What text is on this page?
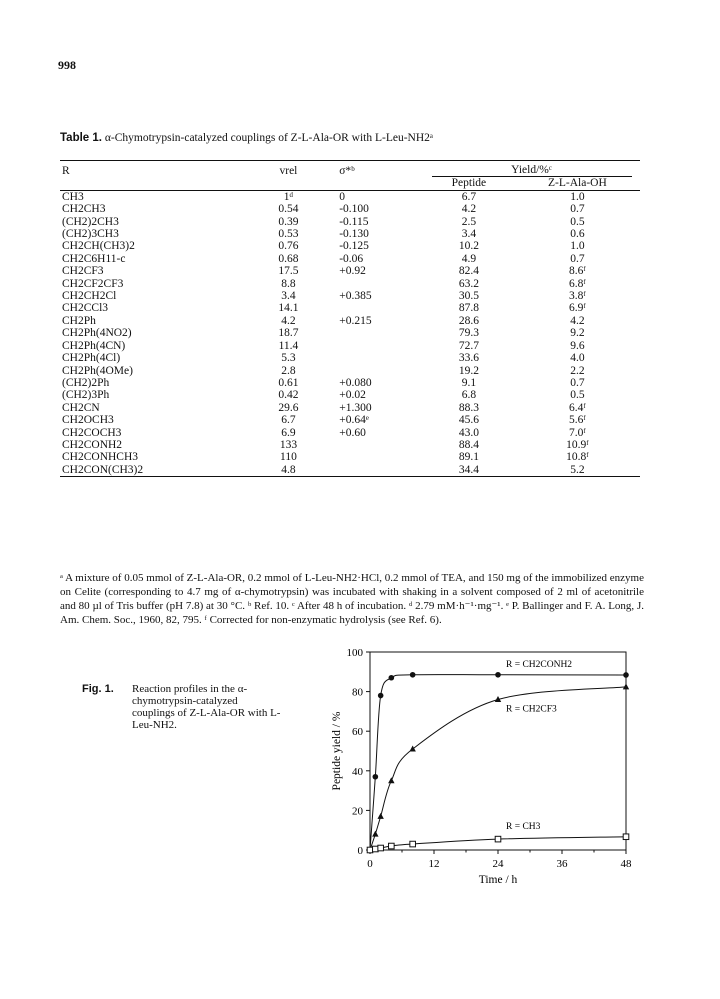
998
Table 1. α-Chymotrypsin-catalyzed couplings of Z-L-Ala-OR with L-Leu-NH2ᵃ
R	vrel	σ*ᵇ	Yield/%ᶜ	
			Peptide	Z-L-Ala-OH
CH3	1ᵈ	0	6.7	1.0
CH2CH3	0.54	-0.100	4.2	0.7
(CH2)2CH3	0.39	-0.115	2.5	0.5
(CH2)3CH3	0.53	-0.130	3.4	0.6
CH2CH(CH3)2	0.76	-0.125	10.2	1.0
CH2C6H11-c	0.68	-0.06	4.9	0.7
CH2CF3	17.5	+0.92	82.4	8.6ᶠ
CH2CF2CF3	8.8		63.2	6.8ᶠ
CH2CH2Cl	3.4	+0.385	30.5	3.8ᶠ
CH2CCl3	14.1		87.8	6.9ᶠ
CH2Ph	4.2	+0.215	28.6	4.2
CH2Ph(4NO2)	18.7		79.3	9.2
CH2Ph(4CN)	11.4		72.7	9.6
CH2Ph(4Cl)	5.3		33.6	4.0
CH2Ph(4OMe)	2.8		19.2	2.2
(CH2)2Ph	0.61	+0.080	9.1	0.7
(CH2)3Ph	0.42	+0.02	6.8	0.5
CH2CN	29.6	+1.300	88.3	6.4ᶠ
CH2OCH3	6.7	+0.64ᵉ	45.6	5.6ᶠ
CH2COCH3	6.9	+0.60	43.0	7.0ᶠ
CH2CONH2	133		88.4	10.9ᶠ
CH2CONHCH3	110		89.1	10.8ᶠ
CH2CON(CH3)2	4.8		34.4	5.2
ᵃ A mixture of 0.05 mmol of Z-L-Ala-OR, 0.2 mmol of L-Leu-NH2·HCl, 0.2 mmol of TEA, and 150 mg of the immobilized enzyme on Celite (corresponding to 4.7 mg of α-chymotrypsin) was incubated with shaking in a solvent composed of 2 ml of acetonitrile and 80 µl of Tris buffer (pH 7.8) at 30 °C. ᵇ Ref. 10. ᶜ After 48 h of incubation. ᵈ 2.79 mM·h⁻¹·mg⁻¹. ᵉ P. Ballinger and F. A. Long, J. Am. Chem. Soc., 1960, 82, 795. ᶠ Corrected for non-enzymatic hydrolysis (see Ref. 6).
Fig. 1. Reaction profiles in the α-chymotrypsin-catalyzed couplings of Z-L-Ala-OR with L-Leu-NH2.
0
20
40
60
80
100
0	12	24	36	48
Time / h
Peptide yield / %
R = CH2CONH2
R = CH2CF3
R = CH3
